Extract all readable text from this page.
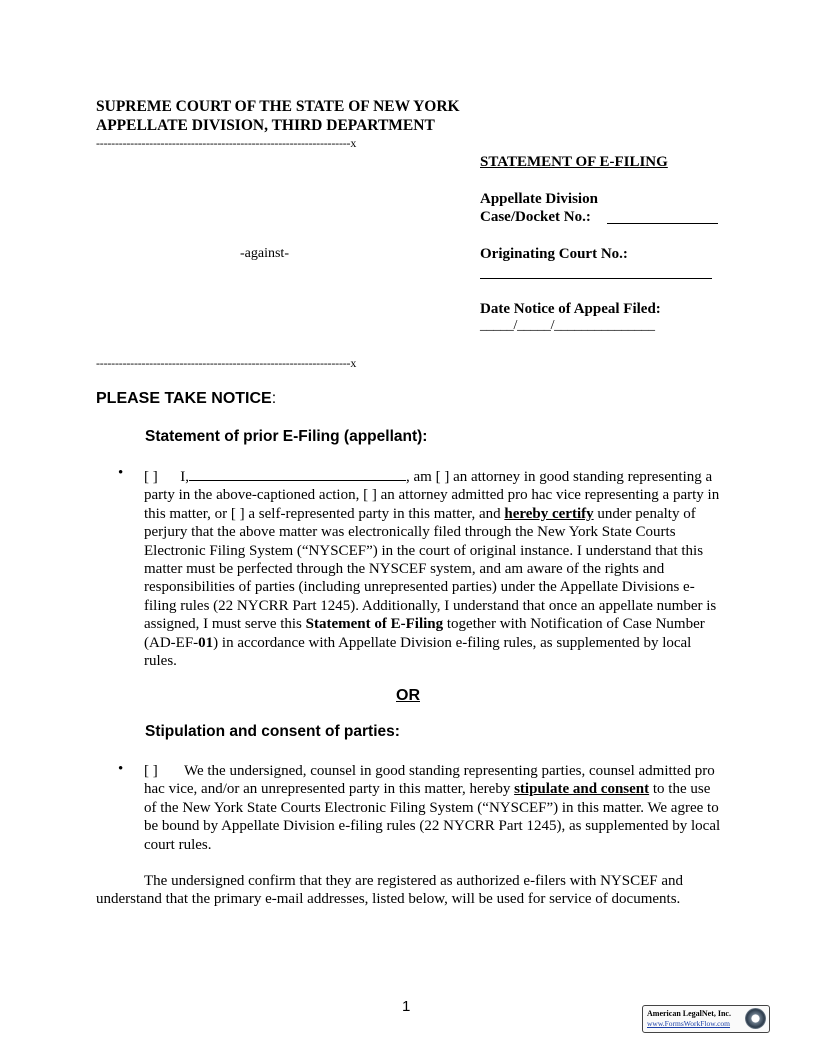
SUPREME COURT OF THE STATE OF NEW YORK
APPELLATE DIVISION, THIRD DEPARTMENT
-------------------------------------------------------------------x
-against-
-------------------------------------------------------------------x
STATEMENT OF E-FILING
Appellate Division
Case/Docket No.:
Originating Court No.:
Date Notice of Appeal Filed:
_____/_____/_______________
PLEASE TAKE NOTICE:
Statement of prior E-Filing (appellant):
• [ ] I,	, am [ ] an attorney in good standing representing a party in the above-captioned action, [ ] an attorney admitted pro hac vice representing a party in this matter, or [ ] a self-represented party in this matter, and hereby certify under penalty of perjury that the above matter was electronically filed through the New York State Courts Electronic Filing System (“NYSCEF”) in the court of original instance. I understand that this matter must be perfected through the NYSCEF system, and am aware of the rights and responsibilities of parties (including unrepresented parties) under the Appellate Divisions e-filing rules (22 NYCRR Part 1245). Additionally, I understand that once an appellate number is assigned, I must serve this Statement of E-Filing together with Notification of Case Number (AD-EF-01) in accordance with Appellate Division e-filing rules, as supplemented by local rules.
OR
Stipulation and consent of parties:
• [ ] We the undersigned, counsel in good standing representing parties, counsel admitted pro hac vice, and/or an unrepresented party in this matter, hereby stipulate and consent to the use of the New York State Courts Electronic Filing System (“NYSCEF”) in this matter. We agree to be bound by Appellate Division e-filing rules (22 NYCRR Part 1245), as supplemented by local court rules.
The undersigned confirm that they are registered as authorized e-filers with NYSCEF and understand that the primary e-mail addresses, listed below, will be used for service of documents.
1	American LegalNet, Inc.
www.FormsWorkFlow.com
